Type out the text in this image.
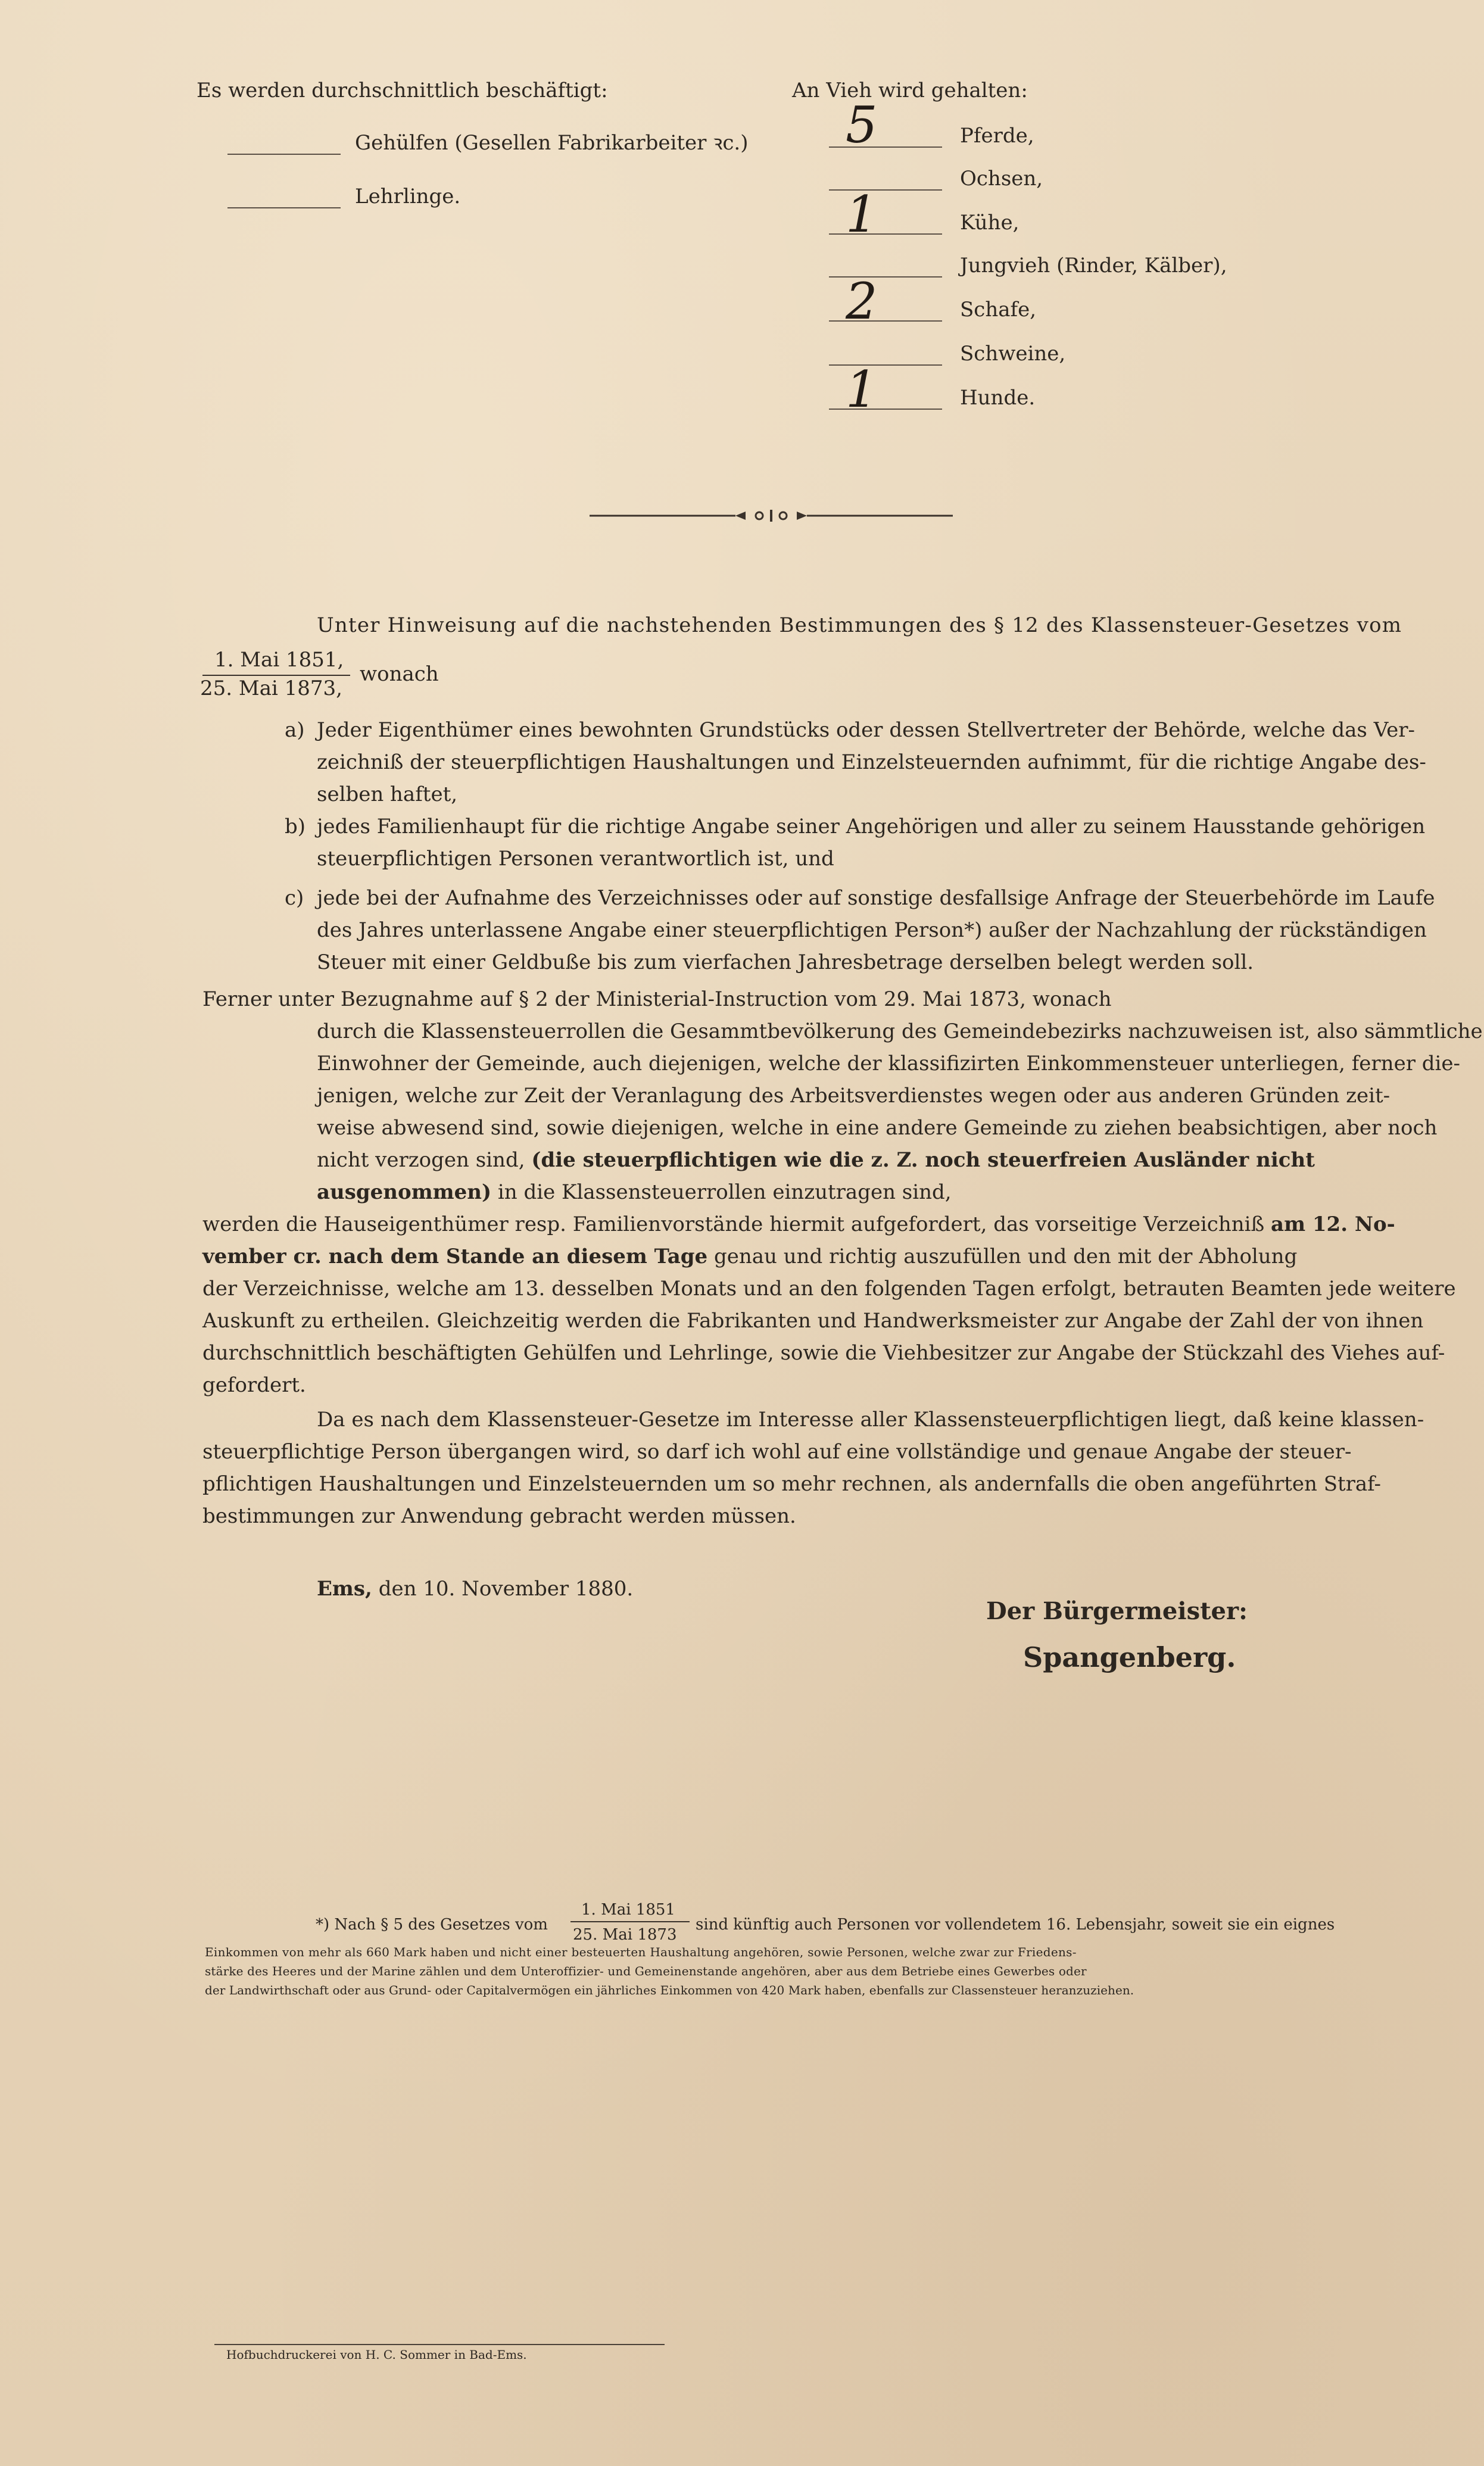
Es werden durchschnittlich beschäftigt:
Gehülfen (Gesellen Fabrikarbeiter ꝛc.)
Lehrlinge.
An Vieh wird gehalten:
5	Pferde,
Ochsen,
1	Kühe,
Jungvieh (Rinder, Kälber),
2	Schafe,
Schweine,
1	Hunde.
Unter Hinweisung auf die nachstehenden Bestimmungen des § 12 des Klassensteuer-Gesetzes vom
1. Mai 1851,
25. Mai 1873,
wonach
a) Jeder Eigenthümer eines bewohnten Grundstücks oder dessen Stellvertreter der Behörde, welche das Ver-
zeichniß der steuerpflichtigen Haushaltungen und Einzelsteuernden aufnimmt, für die richtige Angabe des-
selben haftet,
b) jedes Familienhaupt für die richtige Angabe seiner Angehörigen und aller zu seinem Hausstande gehörigen
steuerpflichtigen Personen verantwortlich ist, und
c) jede bei der Aufnahme des Verzeichnisses oder auf sonstige desfallsige Anfrage der Steuerbehörde im Laufe
des Jahres unterlassene Angabe einer steuerpflichtigen Person*) außer der Nachzahlung der rückständigen
Steuer mit einer Geldbuße bis zum vierfachen Jahresbetrage derselben belegt werden soll.
Ferner unter Bezugnahme auf § 2 der Ministerial-Instruction vom 29. Mai 1873, wonach
durch die Klassensteuerrollen die Gesammtbevölkerung des Gemeindebezirks nachzuweisen ist, also sämmtliche
Einwohner der Gemeinde, auch diejenigen, welche der klassifizirten Einkommensteuer unterliegen, ferner die-
jenigen, welche zur Zeit der Veranlagung des Arbeitsverdienstes wegen oder aus anderen Gründen zeit-
weise abwesend sind, sowie diejenigen, welche in eine andere Gemeinde zu ziehen beabsichtigen, aber noch
nicht verzogen sind, (die steuerpflichtigen wie die z. Z. noch steuerfreien Ausländer nicht
ausgenommen) in die Klassensteuerrollen einzutragen sind,
werden die Hauseigenthümer resp. Familienvorstände hiermit aufgefordert, das vorseitige Verzeichniß am 12. No-
vember cr. nach dem Stande an diesem Tage genau und richtig auszufüllen und den mit der Abholung
der Verzeichnisse, welche am 13. desselben Monats und an den folgenden Tagen erfolgt, betrauten Beamten jede weitere
Auskunft zu ertheilen. Gleichzeitig werden die Fabrikanten und Handwerksmeister zur Angabe der Zahl der von ihnen
durchschnittlich beschäftigten Gehülfen und Lehrlinge, sowie die Viehbesitzer zur Angabe der Stückzahl des Viehes auf-
gefordert.
Da es nach dem Klassensteuer-Gesetze im Interesse aller Klassensteuerpflichtigen liegt, daß keine klassen-
steuerpflichtige Person übergangen wird, so darf ich wohl auf eine vollständige und genaue Angabe der steuer-
pflichtigen Haushaltungen und Einzelsteuernden um so mehr rechnen, als andernfalls die oben angeführten Straf-
bestimmungen zur Anwendung gebracht werden müssen.
Ems, den 10. November 1880.
Der Bürgermeister:
Spangenberg.
*) Nach § 5 des Gesetzes vom
1. Mai 1851
25. Mai 1873
sind künftig auch Personen vor vollendetem 16. Lebensjahr, soweit sie ein eignes
Einkommen von mehr als 660 Mark haben und nicht einer besteuerten Haushaltung angehören, sowie Personen, welche zwar zur Friedens-
stärke des Heeres und der Marine zählen und dem Unteroffizier- und Gemeinenstande angehören, aber aus dem Betriebe eines Gewerbes oder
der Landwirthschaft oder aus Grund- oder Capitalvermögen ein jährliches Einkommen von 420 Mark haben, ebenfalls zur Classensteuer heranzuziehen.
Hofbuchdruckerei von H. C. Sommer in Bad-Ems.
